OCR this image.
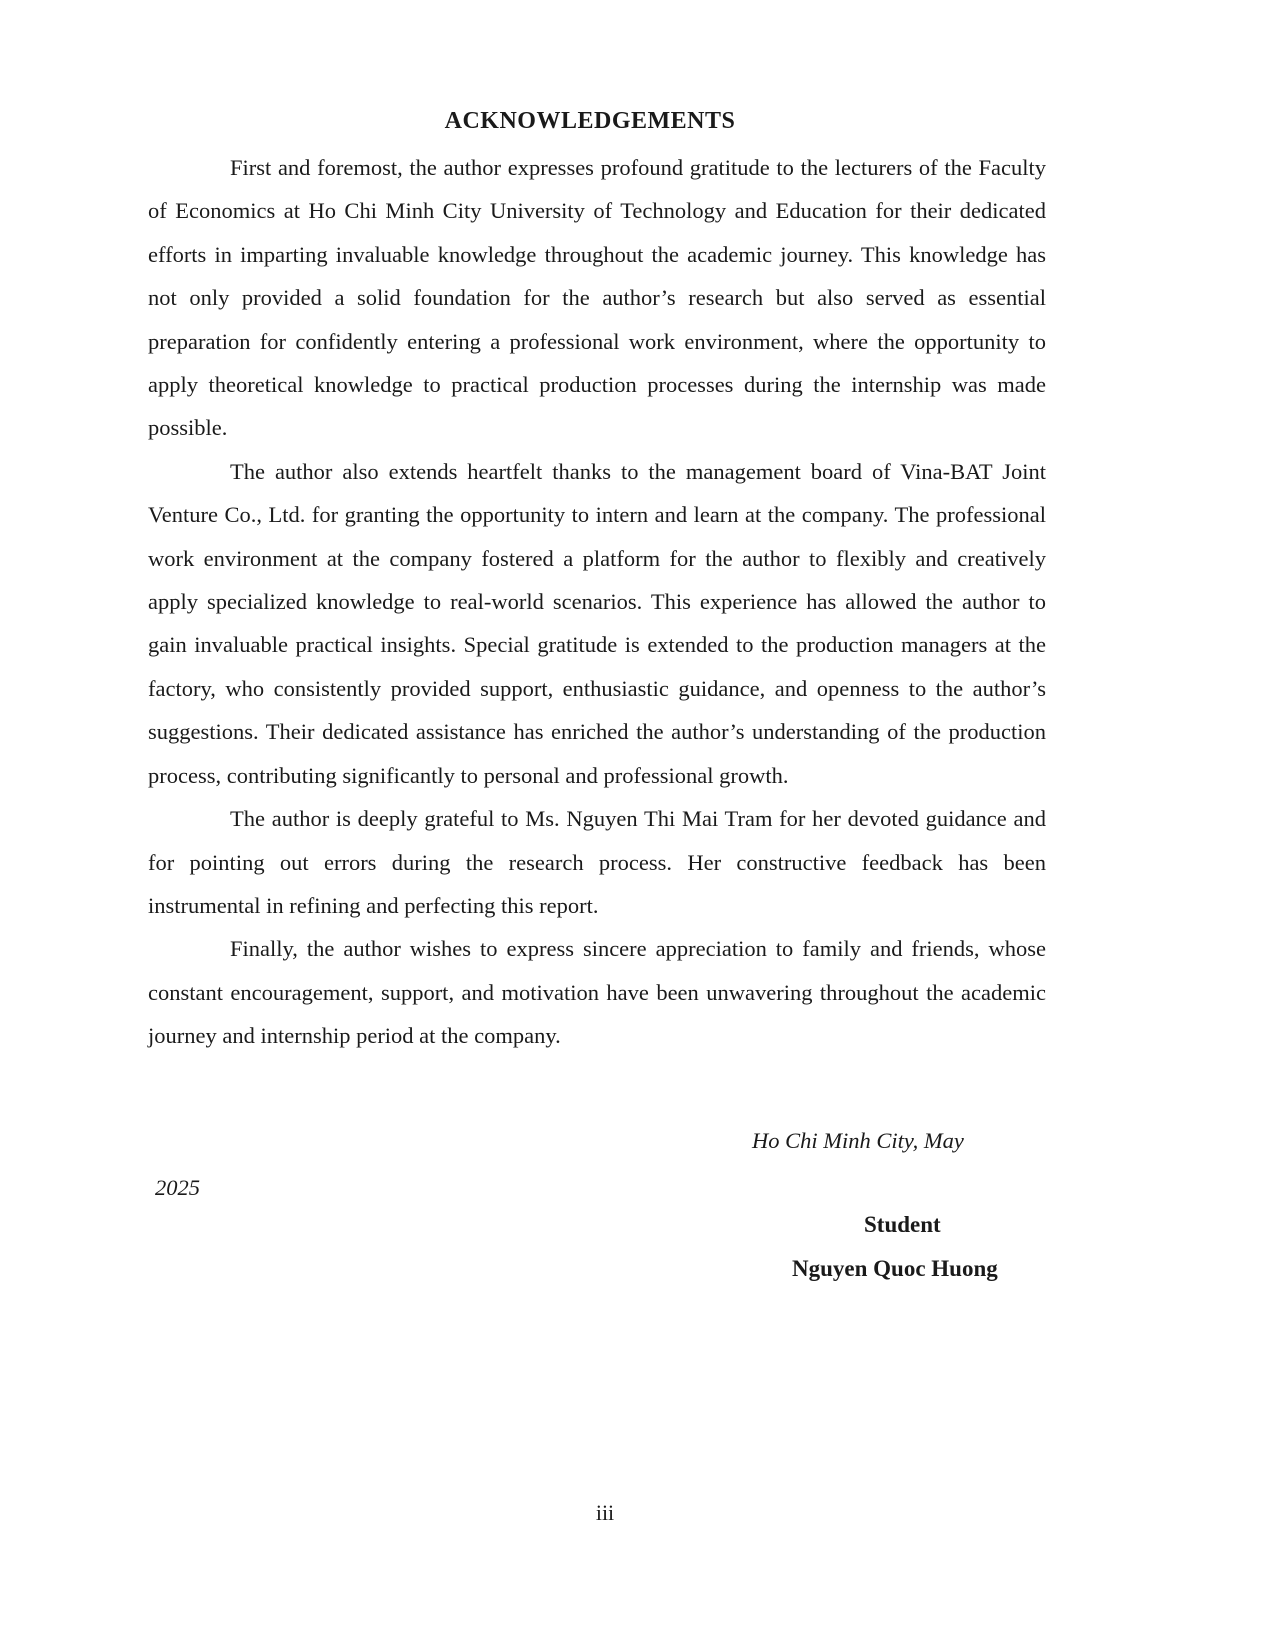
ACKNOWLEDGEMENTS

First and foremost, the author expresses profound gratitude to the lecturers of the Faculty of Economics at Ho Chi Minh City University of Technology and Education for their dedicated efforts in imparting invaluable knowledge throughout the academic journey. This knowledge has not only provided a solid foundation for the author’s research but also served as essential preparation for confidently entering a professional work environment, where the opportunity to apply theoretical knowledge to practical production processes during the internship was made possible.

The author also extends heartfelt thanks to the management board of Vina-BAT Joint Venture Co., Ltd. for granting the opportunity to intern and learn at the company. The professional work environment at the company fostered a platform for the author to flexibly and creatively apply specialized knowledge to real-world scenarios. This experience has allowed the author to gain invaluable practical insights. Special gratitude is extended to the production managers at the factory, who consistently provided support, enthusiastic guidance, and openness to the author’s suggestions. Their dedicated assistance has enriched the author’s understanding of the production process, contributing significantly to personal and professional growth.

The author is deeply grateful to Ms. Nguyen Thi Mai Tram for her devoted guidance and for pointing out errors during the research process. Her constructive feedback has been instrumental in refining and perfecting this report.

Finally, the author wishes to express sincere appreciation to family and friends, whose constant encouragement, support, and motivation have been unwavering throughout the academic journey and internship period at the company.

Ho Chi Minh City, May
2025
Student
Nguyen Quoc Huong
iii
